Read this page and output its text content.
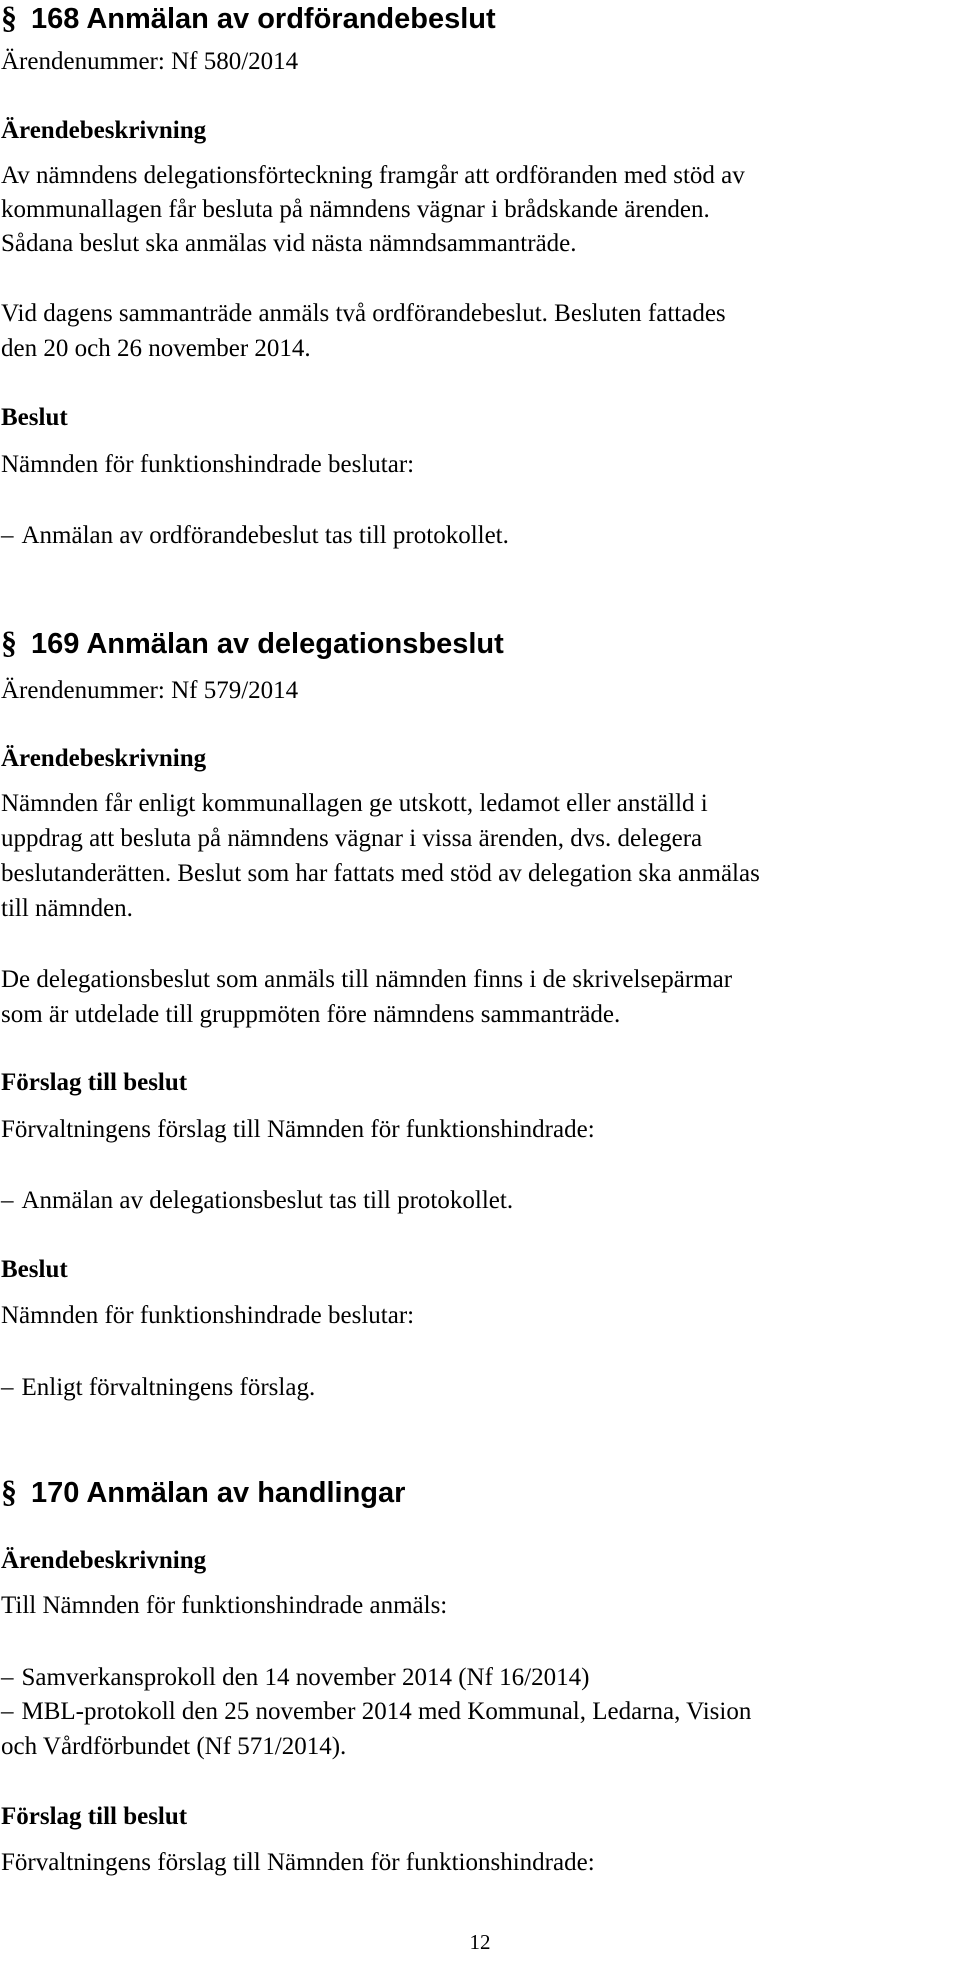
§ 168 Anmälan av ordförandebeslut

Ärendenummer: Nf 580/2014

Ärendebeskrivning

Av nämndens delegationsförteckning framgår att ordföranden med stöd av

kommunallagen får besluta på nämndens vägnar i brådskande ärenden.

Sådana beslut ska anmälas vid nästa nämndsammanträde.

Vid dagens sammanträde anmäls två ordförandebeslut. Besluten fattades

den 20 och 26 november 2014.

Beslut

Nämnden för funktionshindrade beslutar:

– Anmälan av ordförandebeslut tas till protokollet.

§ 169 Anmälan av delegationsbeslut

Ärendenummer: Nf 579/2014

Ärendebeskrivning

Nämnden får enligt kommunallagen ge utskott, ledamot eller anställd i

uppdrag att besluta på nämndens vägnar i vissa ärenden, dvs. delegera

beslutanderätten. Beslut som har fattats med stöd av delegation ska anmälas

till nämnden.

De delegationsbeslut som anmäls till nämnden finns i de skrivelsepärmar

som är utdelade till gruppmöten före nämndens sammanträde.

Förslag till beslut

Förvaltningens förslag till Nämnden för funktionshindrade:

– Anmälan av delegationsbeslut tas till protokollet.

Beslut

Nämnden för funktionshindrade beslutar:

– Enligt förvaltningens förslag.

§ 170 Anmälan av handlingar

Ärendebeskrivning

Till Nämnden för funktionshindrade anmäls:

– Samverkansprokoll den 14 november 2014 (Nf 16/2014)

– MBL-protokoll den 25 november 2014 med Kommunal, Ledarna, Vision

och Vårdförbundet (Nf 571/2014).

Förslag till beslut

Förvaltningens förslag till Nämnden för funktionshindrade:

12
